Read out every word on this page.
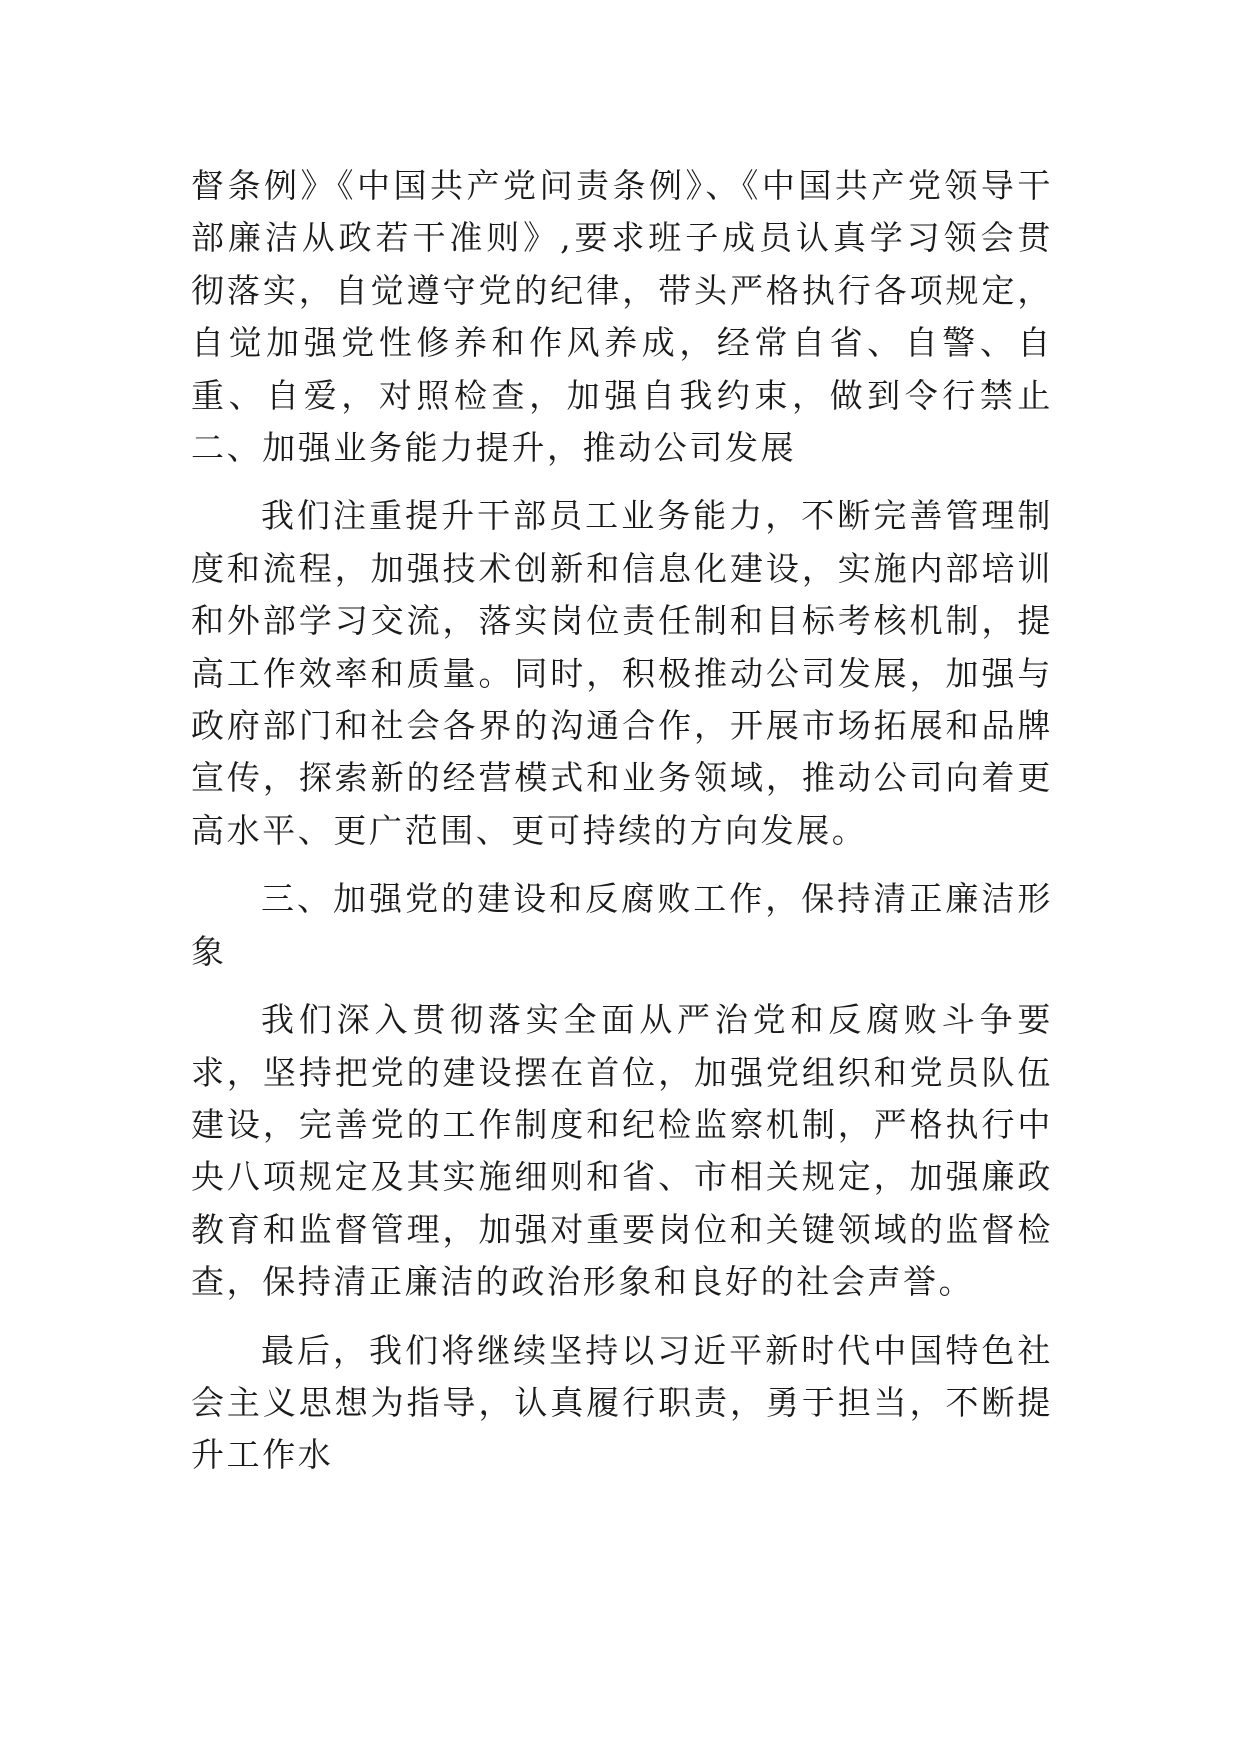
督条例》《中国共产党问责条例》、《中国共产党领导干部廉洁从政若干准则》,要求班子成员认真学习领会贯彻落实，自觉遵守党的纪律，带头严格执行各项规定，自觉加强党性修养和作风养成，经常自省、自警、自重、自爱，对照检查，加强自我约束，做到令行禁止二、加强业务能力提升，推动公司发展

我们注重提升干部员工业务能力，不断完善管理制度和流程，加强技术创新和信息化建设，实施内部培训和外部学习交流，落实岗位责任制和目标考核机制，提高工作效率和质量。同时，积极推动公司发展，加强与政府部门和社会各界的沟通合作，开展市场拓展和品牌宣传，探索新的经营模式和业务领域，推动公司向着更高水平、更广范围、更可持续的方向发展。

三、加强党的建设和反腐败工作，保持清正廉洁形象

我们深入贯彻落实全面从严治党和反腐败斗争要求，坚持把党的建设摆在首位，加强党组织和党员队伍建设，完善党的工作制度和纪检监察机制，严格执行中央八项规定及其实施细则和省、市相关规定，加强廉政教育和监督管理，加强对重要岗位和关键领域的监督检查，保持清正廉洁的政治形象和良好的社会声誉。

最后，我们将继续坚持以习近平新时代中国特色社会主义思想为指导，认真履行职责，勇于担当，不断提升工作水
